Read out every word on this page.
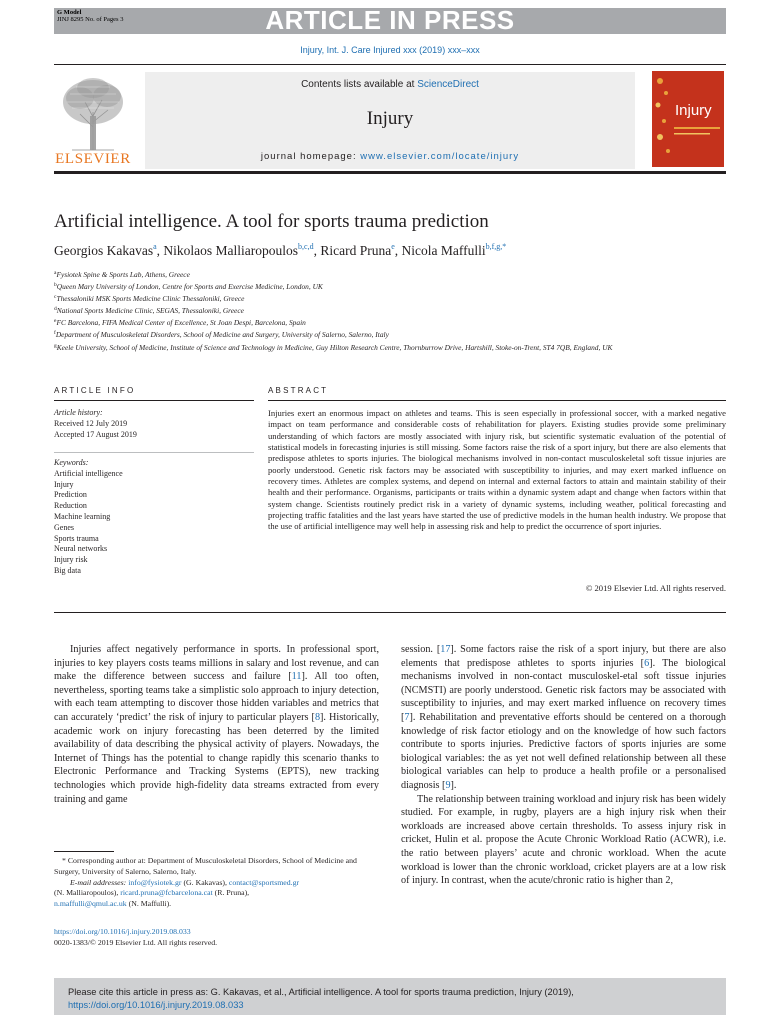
G Model
JINJ 8295 No. of Pages 3	ARTICLE IN PRESS
Injury, Int. J. Care Injured xxx (2019) xxx–xxx
ELSEVIER
Contents lists available at ScienceDirect
Injury
journal homepage: www.elsevier.com/locate/injury
Injury
Artificial intelligence. A tool for sports trauma prediction
Georgios Kakavas$^a$, Nikolaos Malliaropoulos$^{b,c,d}$, Ricard Pruna$^e$, Nicola Maffulli$^{b,f,g,*}$
$^a$Fysiotek Spine & Sports Lab, Athens, Greece
$^b$Queen Mary University of London, Centre for Sports and Exercise Medicine, London, UK
$^c$Thessaloniki MSK Sports Medicine Clinic Thessaloniki, Greece
$^d$National Sports Medicine Clinic, SEGAS, Thessaloniki, Greece
$^e$FC Barcelona, FIFA Medical Center of Excellence, St Joan Despi, Barcelona, Spain
$^f$Department of Musculoskeletal Disorders, School of Medicine and Surgery, University of Salerno, Salerno, Italy
$^g$Keele University, School of Medicine, Institute of Science and Technology in Medicine, Guy Hilton Research Centre, Thornburrow Drive, Hartshill, Stoke-on-Trent, ST4 7QB, England, UK
ARTICLE INFO	ABSTRACT
Article history:
Received 12 July 2019
Accepted 17 August 2019
Keywords:
Artificial intelligence
Injury
Prediction
Reduction
Machine learning
Genes
Sports trauma
Neural networks
Injury risk
Big data
Injuries exert an enormous impact on athletes and teams. This is seen especially in professional soccer, with a marked negative impact on team performance and considerable costs of rehabilitation for players. Existing studies provide some preliminary understanding of which factors are mostly associated with injury risk, but scientific systematic evaluation of the potential of statistical models in forecasting injuries is still missing. Some factors raise the risk of a sport injury, but there are also elements that predispose athletes to sports injuries. The biological mechanisms involved in non-contact musculoskeletal soft tissue injuries are poorly understood. Genetic risk factors may be associated with susceptibility to injuries, and may exert marked influence on recovery times. Athletes are complex systems, and depend on internal and external factors to attain and maintain stability of their health and their performance. Organisms, participants or traits within a dynamic system adapt and change when factors within that system change. Scientists routinely predict risk in a variety of dynamic systems, including weather, political forecasting and projecting traffic fatalities and the last years have started the use of predictive models in the human health industry. We propose that the use of artificial intelligence may well help in assessing risk and help to predict the occurrence of sport injuries.
© 2019 Elsevier Ltd. All rights reserved.

Injuries affect negatively performance in sports. In professional sport, injuries to key players costs teams millions in salary and lost revenue, and can make the difference between success and failure [11]. All too often, nevertheless, sporting teams take a simplistic solo approach to injury detection, with each team attempting to discover those hidden variables and metrics that can accurately ‘predict’ the risk of injury to particular players [8]. Historically, academic work on injury forecasting has been deterred by the limited availability of data describing the physical activity of players. Nowadays, the Internet of Things has the potential to change rapidly this scenario thanks to Electronic Performance and Tracking Systems (EPTS), new tracking technologies which provide high-fidelity data streams extracted from every training and game

session. [17]. Some factors raise the risk of a sport injury, but there are also elements that predispose athletes to sports injuries [6]. The biological mechanisms involved in non-contact musculoskel-etal soft tissue injuries (NCMSTI) are poorly understood. Genetic risk factors may be associated with susceptibility to injuries, and may exert marked influence on recovery times [7]. Rehabilitation and preventative efforts should be centered on a thorough knowledge of risk factor etiology and on the knowledge of how such factors contribute to sports injuries. Predictive factors of sports injuries are some biological variables: the as yet not well defined relationship between all these biological variables can help to produce a health profile or a personalised diagnosis [9].

The relationship between training workload and injury risk has been widely studied. For example, in rugby, players are a high injury risk when their workloads are increased above certain thresholds. To assess injury risk in cricket, Hulin et al. propose the Acute Chronic Workload Ratio (ACWR), i.e. the ratio between players’ acute and chronic workload. When the acute workload is lower than the chronic workload, cricket players are at a low risk of injury. In contrast, when the acute/chronic ratio is higher than 2,

* Corresponding author at: Department of Musculoskeletal Disorders, School of Medicine and Surgery, University of Salerno, Salerno, Italy.
E-mail addresses: info@fysiotek.gr (G. Kakavas), contact@sportsmed.gr
(N. Malliaropoulos), ricard.pruna@fcbarcelona.cat (R. Pruna),
n.maffulli@qmul.ac.uk (N. Maffulli).
https://doi.org/10.1016/j.injury.2019.08.033
0020-1383/© 2019 Elsevier Ltd. All rights reserved.
Please cite this article in press as: G. Kakavas, et al., Artificial intelligence. A tool for sports trauma prediction, Injury (2019), https://doi.org/10.1016/j.injury.2019.08.033
